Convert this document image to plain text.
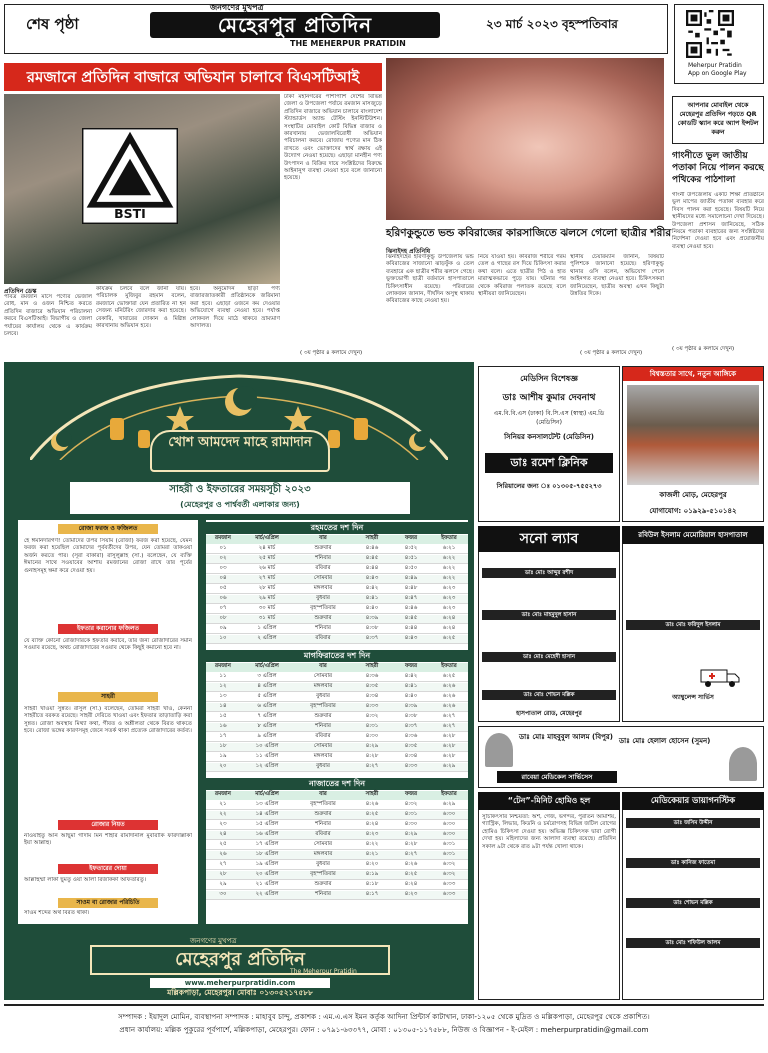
শেষ পৃষ্ঠা
জনগণের মুখপত্র
মেহেরপুর প্রতিদিন
THE MEHERPUR PRATIDIN
২৩ মার্চ ২০২৩ বৃহস্পতিবার
Meherpur Pratidin
App on Google Play
রমজানে প্রতিদিন বাজারে অভিযান চালাবে বিএসটিআই
BSTI
ঢাকা মহানগরের পাশাপাশি দেশের বিভিন্ন জেলা ও উপজেলা পর্যায়ে রমজান মাসজুড়ে প্রতিদিন বাজারে অভিযান চালাবে বাংলাদেশ স্ট্যান্ডার্ডস অ্যান্ড টেস্টিং ইনস্টিটিউশন। সংস্থাটির মোবাইল কোর্ট বিভিন্ন বাজার ও কারখানায় ভেজালবিরোধী অভিযান পরিচালনা করবে। রোজায় পণ্যের মান ঠিক রাখতে এবং ভোক্তাদের স্বার্থ রক্ষায় এই উদ্যোগ নেওয়া হয়েছে। এছাড়া মানহীন পণ্য উৎপাদন ও বিক্রির দায়ে সংশ্লিষ্টদের বিরুদ্ধে আইনানুগ ব্যবস্থা নেওয়া হবে বলে জানানো হয়েছে।
প্রতিদিন ডেস্ক
পবিত্র রমজান মাসে পণ্যের ভেজাল রোধ, মান ও ওজন নিশ্চিত করতে প্রতিদিন বাজারে অভিযান পরিচালনা করবে বিএসটিআই। বিভাগীয় ও জেলা পর্যায়ের কার্যালয় থেকে এ কার্যক্রম চলবে।
কার্যক্রম চলবে বলে জানা যায়। পরিচালক মুজিবুর রহমান বলেন, রমজানে ভোক্তারা যেন প্রতারিত না হন সেজন্য মনিটরিং জোরদার করা হয়েছে। বেকারি, খাবারের দোকান ও মিষ্টান্ন কারখানায় অভিযান হবে।
হবে। অনুমোদন ছাড়া পণ্য বাজারজাতকারী প্রতিষ্ঠানকে জরিমানা করা হবে। এছাড়া ওজনে কম দেওয়ার অভিযোগে ব্যবস্থা নেওয়া হবে। পর্যাপ্ত লোকবল দিয়ে মাঠে থাকবে ভ্রাম্যমাণ আদালত।
( ৩য় পৃষ্ঠার ৪ কলামে দেখুন)
হরিণকুন্ডুতে ভন্ড কবিরাজের কারসাজিতে ঝলসে গেলো ছাত্রীর শরীর
ঝিনাইদহ প্রতিনিধি
ঝিনাইদহের হরিণাকুন্ডু উপজেলায় ভন্ড কবিরাজের সাজানো ঝাড়ফুঁক ও তেল ব্যবহারে এক ছাত্রীর শরীর ঝলসে গেছে। ভুক্তভোগী ছাত্রী বর্তমানে হাসপাতালে চিকিৎসাধীন রয়েছে। পরিবারের লোকজন জানান, দীর্ঘদিন অসুস্থ থাকায় কবিরাজের কাছে নেওয়া হয়।
নিয়ে যাওয়া হয়। কবিরাজ শরীরে গরম তেল ও গাছের রস দিয়ে চিকিৎসা করার কথা বলে। এতে ছাত্রীর পিঠ ও হাত মারাত্মকভাবে পুড়ে যায়। ঘটনার পর থেকে কবিরাজ পলাতক রয়েছে বলে স্থানীয়রা জানিয়েছেন।
স্থানীয় চেয়ারম্যান জানান, বিষয়টি পুলিশকে জানানো হয়েছে। হরিণাকুন্ডু থানার ওসি বলেন, অভিযোগ পেলে আইনগত ব্যবস্থা নেওয়া হবে। চিকিৎসকরা জানিয়েছেন, ছাত্রীর অবস্থা এখন কিছুটা উন্নতির দিকে।
( ৩য় পৃষ্ঠার ৪ কলামে দেখুন)
আপনার মোবাইল থেকে মেহেরপুর প্রতিদিন পড়তে QR কোডটি স্ক্যান করে অ্যাপ ইন্সটল করুন
গাংনীতে ভুল জাতীয় পতাকা নিয়ে পালন করছে পথিকের পাঠশালা
গাংনী উপজেলায় একটি শিক্ষা প্রতিষ্ঠানে ভুল মাপের জাতীয় পতাকা ব্যবহার করে দিবস পালন করা হয়েছে। বিষয়টি নিয়ে স্থানীয়দের মধ্যে সমালোচনা দেখা দিয়েছে। উপজেলা প্রশাসন জানিয়েছে, সঠিক নিয়মে পতাকা ব্যবহারের জন্য সংশ্লিষ্টদের নির্দেশনা দেওয়া হবে এবং প্রয়োজনীয় ব্যবস্থা নেওয়া হবে।
( ৩য় পৃষ্ঠার ৪ কলামে দেখুন)
খোশ আমদেদ মাহে রামাদান
সাহরী ও ইফতারের সময়সূচী ২০২৩
(মেহেরপুর ও পার্শ্ববর্তী এলাকার জন্য)
রোজা ফরজ ও ফজিলত
হে ঈমানদারগণ! তোমাদের উপর সিয়াম (রোজা) ফরজ করা হয়েছে, যেমন ফরজ করা হয়েছিল তোমাদের পূর্ববর্তীদের উপর, যেন তোমরা তাকওয়া অর্জন করতে পার। (সূরা বাকারা) রাসুলুল্লাহ (সা.) বলেছেন, যে ব্যক্তি ঈমানের সাথে সওয়াবের আশায় রমজানের রোজা রাখে তার পূর্বের গুনাহসমূহ ক্ষমা করে দেওয়া হয়।
ইফতার করানোর ফজিলত
যে ব্যক্তি কোনো রোজাদারকে ইফতার করাবে, তার জন্য রোজাদারের সমান সওয়াব রয়েছে, অথচ রোজাদারের সওয়াব থেকে কিছুই কমানো হবে না।
সাহরী
সাহরী খাওয়া সুন্নত। রাসুল (সা.) বলেছেন, তোমরা সাহরী খাও, কেননা সাহরীতে বরকত রয়েছে। সাহরী দেরিতে খাওয়া এবং ইফতার তাড়াতাড়ি করা সুন্নত। রোজা অবস্থায় মিথ্যা কথা, গীবত ও অশ্লীলতা থেকে বিরত থাকতে হবে। রোজা ভঙ্গের কারণসমূহ জেনে সতর্ক থাকা প্রত্যেক রোজাদারের কর্তব্য।
রোজার নিয়ত
নাওয়াইতু আন আছুমা গাদাম মিন শাহরি রামাদানাল মুবারাকি ফারদাল্লাকা ইয়া আল্লাহু।
ইফতারের দোয়া
আল্লাহুম্মা লাকা ছুমতু ওয়া আলা রিজকিকা আফতারতু।
সাওম বা রোজার পরিচিতি
সাওম শব্দের অর্থ বিরত থাকা।
রহমতের দশ দিন
রমজান	মার্চ/এপ্রিল	বার	সাহরী	ফজর	ইফতার
০১	২৪ মার্চ	শুক্রবার	৪:৪৬	৪:৫২	৬:২১
০২	২৫ মার্চ	শনিবার	৪:৪৫	৪:৫১	৬:২২
০৩	২৬ মার্চ	রবিবার	৪:৪৪	৪:৫০	৬:২২
০৪	২৭ মার্চ	সোমবার	৪:৪৩	৪:৪৯	৬:২২
০৫	২৮ মার্চ	মঙ্গলবার	৪:৪২	৪:৪৮	৬:২৩
০৬	২৯ মার্চ	বুধবার	৪:৪১	৪:৪৭	৬:২৩
০৭	৩০ মার্চ	বৃহস্পতিবার	৪:৪০	৪:৪৬	৬:২৩
০৮	৩১ মার্চ	শুক্রবার	৪:৩৯	৪:৪৫	৬:২৪
০৯	১ এপ্রিল	শনিবার	৪:৩৮	৪:৪৪	৬:২৪
১০	২ এপ্রিল	রবিবার	৪:৩৭	৪:৪৩	৬:২৫
মাগফিরাতের দশ দিন
রমজান	মার্চ/এপ্রিল	বার	সাহরী	ফজর	ইফতার
১১	৩ এপ্রিল	সোমবার	৪:৩৬	৪:৪২	৬:২৫
১২	৪ এপ্রিল	মঙ্গলবার	৪:৩৫	৪:৪১	৬:২৬
১৩	৫ এপ্রিল	বুধবার	৪:৩৪	৪:৪০	৬:২৬
১৪	৬ এপ্রিল	বৃহস্পতিবার	৪:৩৩	৪:৩৯	৬:২৬
১৫	৭ এপ্রিল	শুক্রবার	৪:৩২	৪:৩৮	৬:২৭
১৬	৮ এপ্রিল	শনিবার	৪:৩১	৪:৩৭	৬:২৭
১৭	৯ এপ্রিল	রবিবার	৪:৩০	৪:৩৬	৬:২৮
১৮	১০ এপ্রিল	সোমবার	৪:২৯	৪:৩৫	৬:২৮
১৯	১১ এপ্রিল	মঙ্গলবার	৪:২৮	৪:৩৪	৬:২৮
২০	১২ এপ্রিল	বুধবার	৪:২৭	৪:৩৩	৬:২৯
নাজাতের দশ দিন
রমজান	মার্চ/এপ্রিল	বার	সাহরী	ফজর	ইফতার
২১	১৩ এপ্রিল	বৃহস্পতিবার	৪:২৬	৪:৩২	৬:২৯
২২	১৪ এপ্রিল	শুক্রবার	৪:২৫	৪:৩১	৬:৩০
২৩	১৫ এপ্রিল	শনিবার	৪:২৪	৪:৩০	৬:৩০
২৪	১৬ এপ্রিল	রবিবার	৪:২৩	৪:২৯	৬:৩০
২৫	১৭ এপ্রিল	সোমবার	৪:২২	৪:২৮	৬:৩১
২৬	১৮ এপ্রিল	মঙ্গলবার	৪:২১	৪:২৭	৬:৩১
২৭	১৯ এপ্রিল	বুধবার	৪:২০	৪:২৬	৬:৩২
২৮	২০ এপ্রিল	বৃহস্পতিবার	৪:১৯	৪:২৫	৬:৩২
২৯	২১ এপ্রিল	শুক্রবার	৪:১৮	৪:২৪	৬:৩৩
৩০	২২ এপ্রিল	শনিবার	৪:১৭	৪:২৩	৬:৩৩
জনগণের মুখপত্র
মেহেরপুর প্রতিদিন
The Meherpur Pratidin
www.meherpurpratidin.com
মল্লিকপাড়া, মেহেরপুর। মোবাঃ ০১৩০৫২১৭৫৮৮
মেডিসিন বিশেষজ্ঞ
ডাঃ আশীষ কুমার দেবনাথ
এম.বি.বি.এস (ঢাকা) বি.সি.এস (স্বাস্থ্য) এম.ডি (মেডিসিন)
সিনিয়র কনসালটেন্ট (মেডিসিন)
ডাঃ রমেশ ক্লিনিক
সিরিয়ালের জন্য ঃ ০১৩০৫-৭৫৫২৭৩
বিশ্বস্ততার সাথে, নতুন আঙ্গিকে
কাজলী মোড়, মেহেরপুর
যোগাযোগ: ০১৯২৯-৫১০১৪২
সনো ল্যাব
ডাঃ মোঃ আব্দুর রশীদ
ডাঃ মোঃ মাহমুদুল হাসান
ডাঃ মোঃ মেহেদী হাসান
ডাঃ মোঃ শোভন মল্লিক
হাসপাতাল রোড, মেহেরপুর
রবিউল ইসলাম মেমোরিয়াল হাসপাতাল
ডাঃ মোঃ ফরিদুল ইসলাম
অ্যাম্বুলেন্স সার্ভিস
ডাঃ মোঃ মাহবুবুল আলম (বিপুর)
রাবেয়া মেডিকেল সার্ভিসেস
ডাঃ মোঃ হেলাল হোসেন (সুমন)
“টেন”-মিনিট হোমিও হল
সুচিকিৎসার নিশ্চয়তা: অর্শ, গেজ, ভগন্দর, পুরাতন আমাশয়, গ্যাস্ট্রিক, লিভার, কিডনি ও চর্মরোগসহ বিভিন্ন জটিল রোগের হোমিও চিকিৎসা দেওয়া হয়। অভিজ্ঞ চিকিৎসক দ্বারা রোগী দেখা হয়। মহিলাদের জন্য আলাদা ব্যবস্থা রয়েছে। প্রতিদিন সকাল ৯টা থেকে রাত ৯টা পর্যন্ত খোলা থাকে।
মেডিকেয়ার ডায়াগনস্টিক
ডাঃ জসিম উদ্দীন
ডাঃ কানিজ ফাতেমা
ডাঃ শোভন মল্লিক
ডাঃ মোঃ শফিউল আলম
সম্পাদক : ইয়াদুল মোমিন, ব্যবস্থাপনা সম্পাদক : মাহাবুব চান্দু, প্রকাশক : এম.এ.এস ইমন কর্তৃক আদিনা প্রিন্টার্স কাটাখান, ঢাকা-১২০৫ থেকে মুদ্রিত ও মল্লিকপাড়া, মেহেরপুর থেকে প্রকাশিত।
প্রধান কার্যালয়: মল্লিক পুকুরের পূর্বপার্শে, মল্লিকপাড়া, মেহেরপুর। ফোন : ০৭৯১-৬৩৩৭৭, মোবা : ০১৩০৫-১১৭৫৮৮, নিউজ ও বিজ্ঞাপন - ই-মেইল : meherpurpratidin@gmail.com
